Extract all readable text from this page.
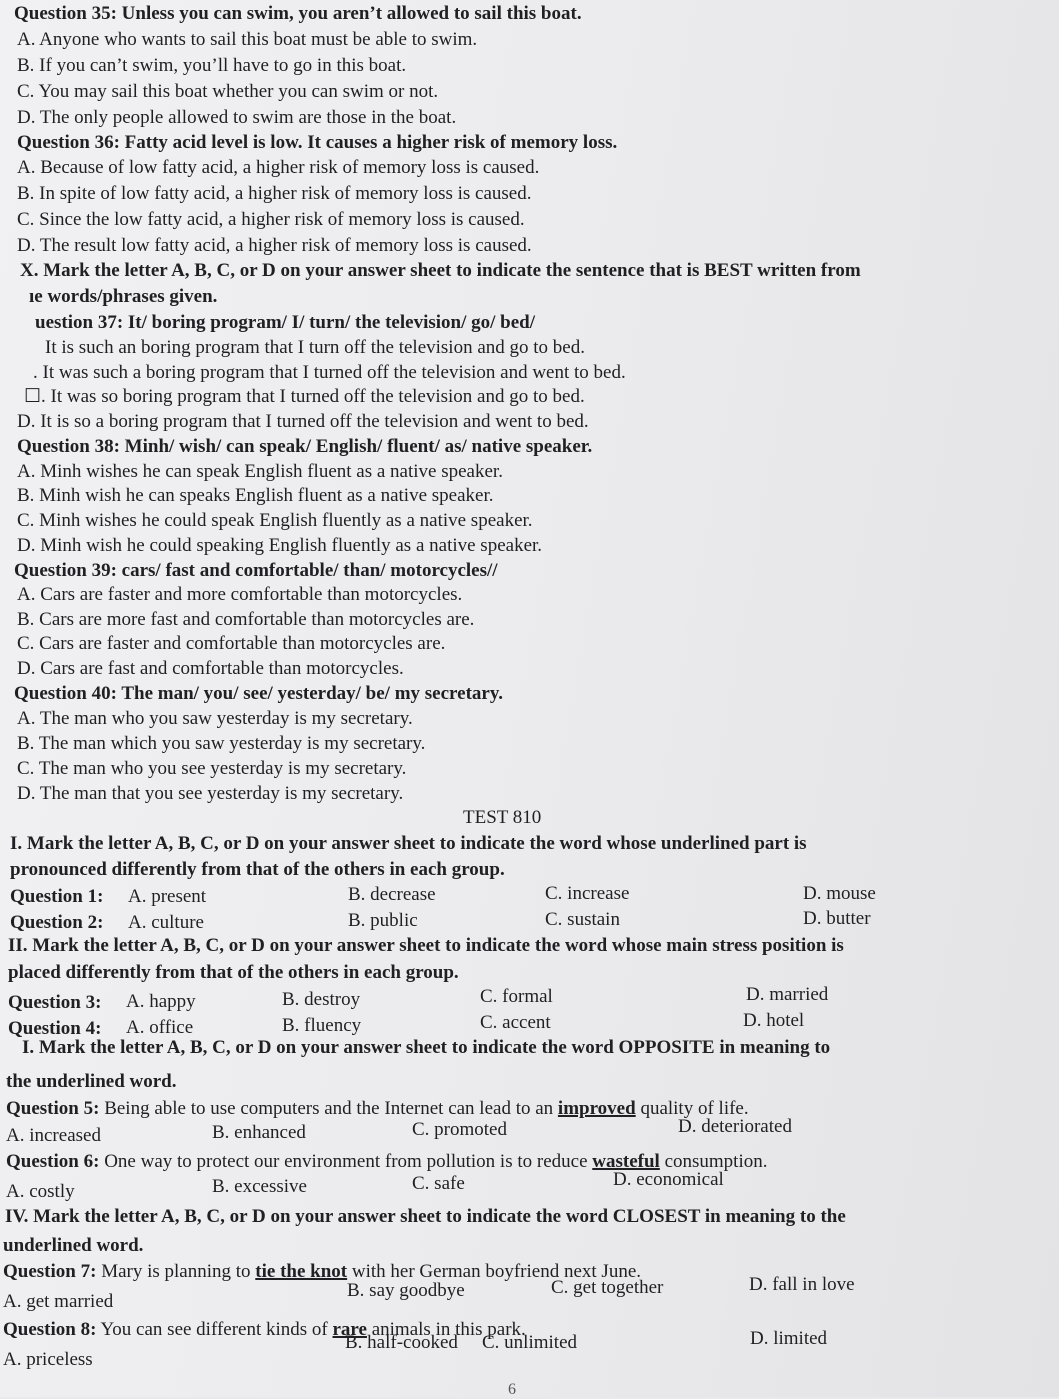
Question 35: Unless you can swim, you aren’t allowed to sail this boat.
A. Anyone who wants to sail this boat must be able to swim.
B. If you can’t swim, you’ll have to go in this boat.
C. You may sail this boat whether you can swim or not.
D. The only people allowed to swim are those in the boat.
Question 36: Fatty acid level is low. It causes a higher risk of memory loss.
A. Because of low fatty acid, a higher risk of memory loss is caused.
B. In spite of low fatty acid, a higher risk of memory loss is caused.
C. Since the low fatty acid, a higher risk of memory loss is caused.
D. The result low fatty acid, a higher risk of memory loss is caused.
X. Mark the letter A, B, C, or D on your answer sheet to indicate the sentence that is BEST written from
ıe words/phrases given.
uestion 37: It/ boring program/ I/ turn/ the television/ go/ bed/
It is such an boring program that I turn off the television and go to bed.
. It was such a boring program that I turned off the television and went to bed.
☐. It was so boring program that I turned off the television and go to bed.
D. It is so a boring program that I turned off the television and went to bed.
Question 38: Minh/ wish/ can speak/ English/ fluent/ as/ native speaker.
A. Minh wishes he can speak English fluent as a native speaker.
B. Minh wish he can speaks English fluent as a native speaker.
C. Minh wishes he could speak English fluently as a native speaker.
D. Minh wish he could speaking English fluently as a native speaker.
Question 39: cars/ fast and comfortable/ than/ motorcycles//
A. Cars are faster and more comfortable than motorcycles.
B. Cars are more fast and comfortable than motorcycles are.
C. Cars are faster and comfortable than motorcycles are.
D. Cars are fast and comfortable than motorcycles.
Question 40: The man/ you/ see/ yesterday/ be/ my secretary.
A. The man who you saw yesterday is my secretary.
B. The man which you saw yesterday is my secretary.
C. The man who you see yesterday is my secretary.
D. The man that you see yesterday is my secretary.
TEST 810
I. Mark the letter A, B, C, or D on your answer sheet to indicate the word whose underlined part is
pronounced differently from that of the others in each group.
Question 1: A. present	B. decrease	C. increase	D. mouse
Question 2: A. culture	B. public	C. sustain	D. butter
II. Mark the letter A, B, C, or D on your answer sheet to indicate the word whose main stress position is
placed differently from that of the others in each group.
Question 3: A. happy	B. destroy	C. formal	D. married
Question 4: A. office	B. fluency	C. accent	D. hotel
I. Mark the letter A, B, C, or D on your answer sheet to indicate the word OPPOSITE in meaning to
the underlined word.
Question 5: Being able to use computers and the Internet can lead to an improved quality of life.
A. increased	B. enhanced	C. promoted	D. deteriorated
Question 6: One way to protect our environment from pollution is to reduce wasteful consumption.
A. costly	B. excessive	C. safe	D. economical
IV. Mark the letter A, B, C, or D on your answer sheet to indicate the word CLOSEST in meaning to the
underlined word.
Question 7: Mary is planning to tie the knot with her German boyfriend next June.
A. get married
B. say goodbye	C. get together	D. fall in love
Question 8: You can see different kinds of rare animals in this park.
A. priceless
B. half-cooked C. unlimited	D. limited
6
